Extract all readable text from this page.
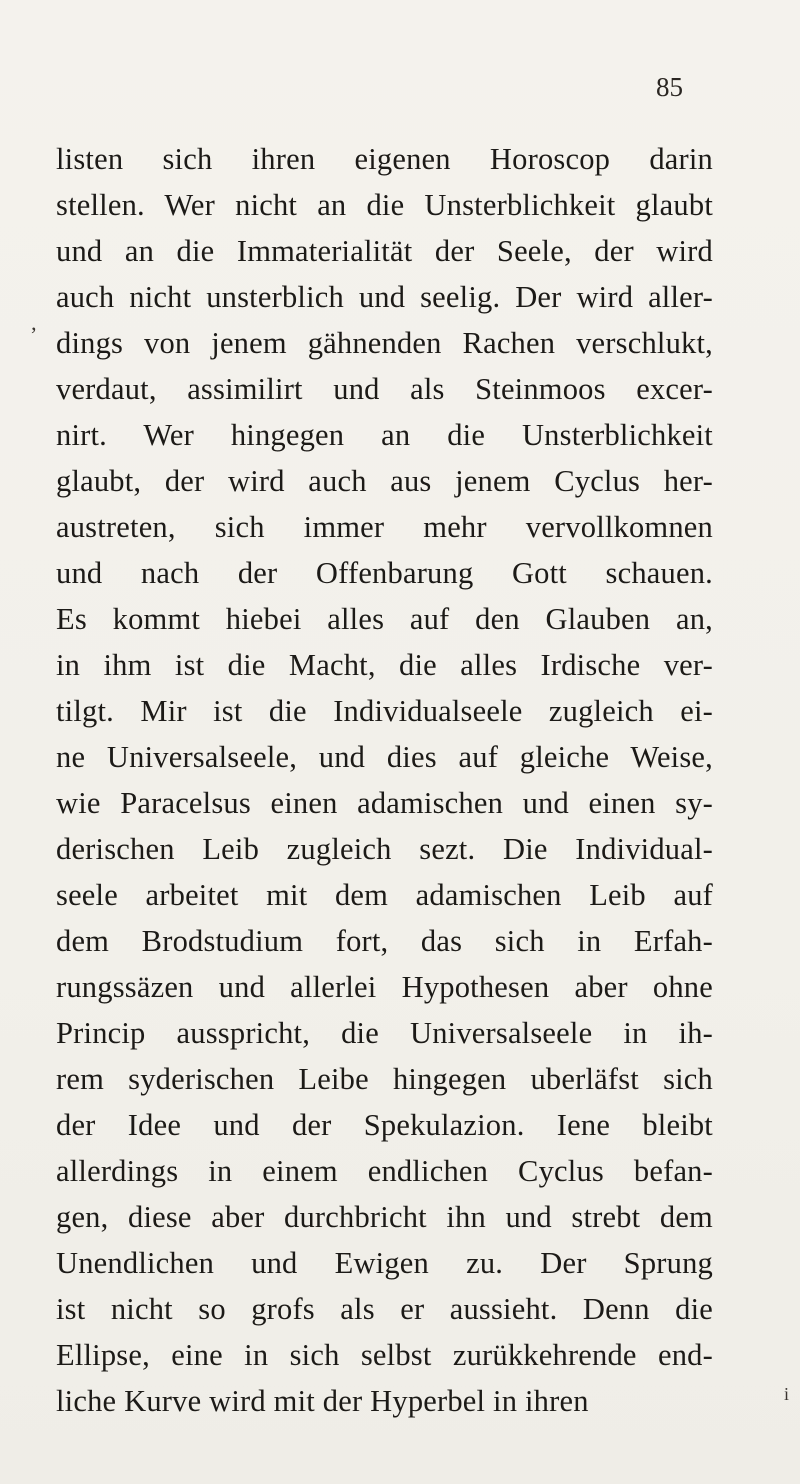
85
listen sich ihren eigenen Horoscop darin
stellen. Wer nicht an die Unsterblichkeit glaubt
und an die Immaterialität der Seele, der wird
auch nicht unsterblich und seelig. Der wird aller-
dings von jenem gähnenden Rachen verschlukt,
verdaut, assimilirt und als Steinmoos excer-
nirt. Wer hingegen an die Unsterblichkeit
glaubt, der wird auch aus jenem Cyclus her-
austreten, sich immer mehr vervollkomnen
und nach der Offenbarung Gott schauen.
Es kommt hiebei alles auf den Glauben an,
in ihm ist die Macht, die alles Irdische ver-
tilgt. Mir ist die Individualseele zugleich ei-
ne Universalseele, und dies auf gleiche Weise,
wie Paracelsus einen adamischen und einen sy-
derischen Leib zugleich sezt. Die Individual-
seele arbeitet mit dem adamischen Leib auf
dem Brodstudium fort, das sich in Erfah-
rungssäzen und allerlei Hypothesen aber ohne
Princip ausspricht, die Universalseele in ih-
rem syderischen Leibe hingegen uberläfst sich
der Idee und der Spekulazion. Iene bleibt
allerdings in einem endlichen Cyclus befan-
gen, diese aber durchbricht ihn und strebt dem
Unendlichen und Ewigen zu. Der Sprung
ist nicht so grofs als er aussieht. Denn die
Ellipse, eine in sich selbst zurükkehrende end-
liche Kurve wird mit der Hyperbel in ihren
‚
і
